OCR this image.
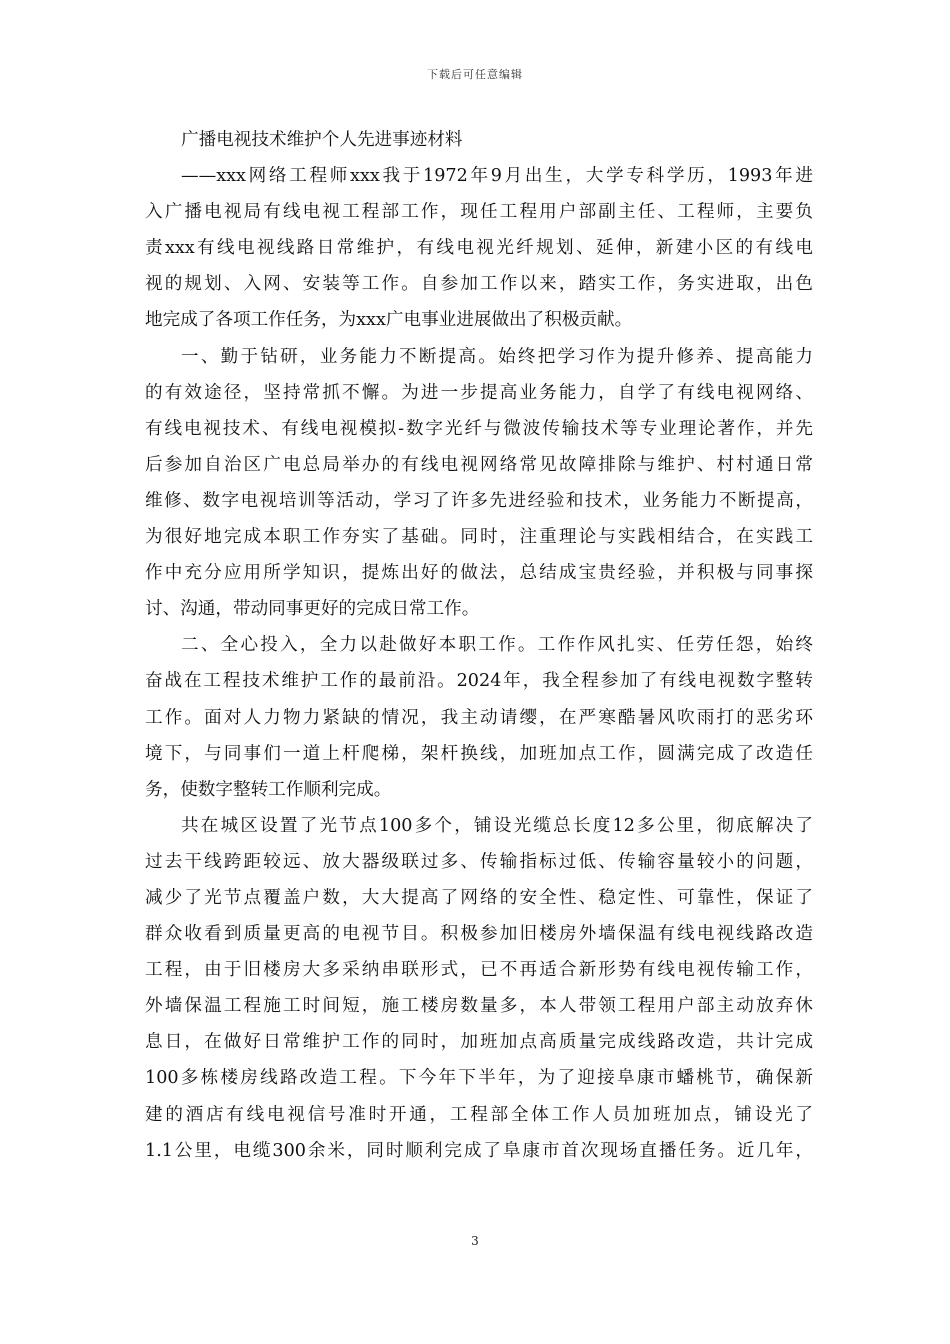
下载后可任意编辑
广播电视技术维护个人先进事迹材料
——xxx网络工程师xxx我于1972年9月出生，大学专科学历，1993年进
入广播电视局有线电视工程部工作，现任工程用户部副主任、工程师，主要负
责xxx有线电视线路日常维护，有线电视光纤规划、延伸，新建小区的有线电
视的规划、入网、安装等工作。自参加工作以来，踏实工作，务实进取，出色
地完成了各项工作任务，为xxx广电事业进展做出了积极贡献。
一、勤于钻研，业务能力不断提高。始终把学习作为提升修养、提高能力
的有效途径，坚持常抓不懈。为进一步提高业务能力，自学了有线电视网络、
有线电视技术、有线电视模拟-数字光纤与微波传输技术等专业理论著作，并先
后参加自治区广电总局举办的有线电视网络常见故障排除与维护、村村通日常
维修、数字电视培训等活动，学习了许多先进经验和技术，业务能力不断提高，
为很好地完成本职工作夯实了基础。同时，注重理论与实践相结合，在实践工
作中充分应用所学知识，提炼出好的做法，总结成宝贵经验，并积极与同事探
讨、沟通，带动同事更好的完成日常工作。
二、全心投入，全力以赴做好本职工作。工作作风扎实、任劳任怨，始终
奋战在工程技术维护工作的最前沿。2024年，我全程参加了有线电视数字整转
工作。面对人力物力紧缺的情况，我主动请缨，在严寒酷暑风吹雨打的恶劣环
境下，与同事们一道上杆爬梯，架杆换线，加班加点工作，圆满完成了改造任
务，使数字整转工作顺利完成。
共在城区设置了光节点100多个，铺设光缆总长度12多公里，彻底解决了
过去干线跨距较远、放大器级联过多、传输指标过低、传输容量较小的问题，
减少了光节点覆盖户数，大大提高了网络的安全性、稳定性、可靠性，保证了
群众收看到质量更高的电视节目。积极参加旧楼房外墙保温有线电视线路改造
工程，由于旧楼房大多采纳串联形式，已不再适合新形势有线电视传输工作，
外墙保温工程施工时间短，施工楼房数量多，本人带领工程用户部主动放弃休
息日，在做好日常维护工作的同时，加班加点高质量完成线路改造，共计完成
100多栋楼房线路改造工程。下今年下半年，为了迎接阜康市蟠桃节，确保新
建的酒店有线电视信号准时开通，工程部全体工作人员加班加点，铺设光了
1.1公里，电缆300余米，同时顺利完成了阜康市首次现场直播任务。近几年，
3
